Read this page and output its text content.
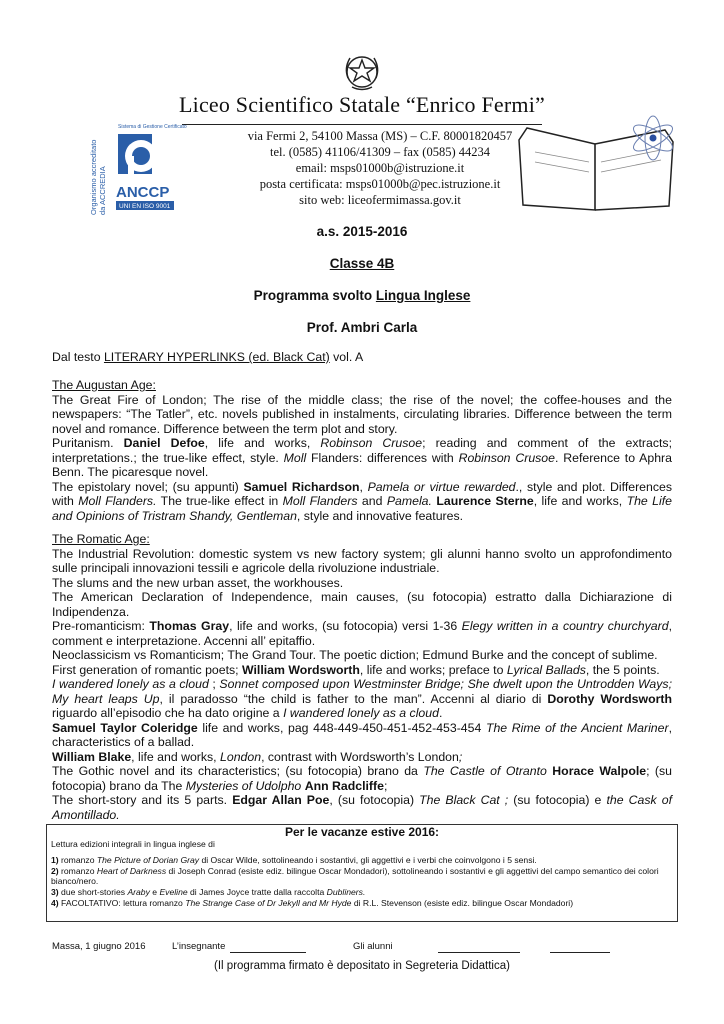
Liceo Scientifico Statale “Enrico Fermi”
Organismo accreditato da ACCREDIA
Sistema di Gestione Certificato
ANCCP
UNI EN ISO 9001
via Fermi 2, 54100 Massa (MS) – C.F. 80001820457
tel. (0585) 41106/41309 – fax (0585) 44234
email: msps01000b@istruzione.it
posta certificata: msps01000b@pec.istruzione.it
sito web: liceofermimassa.gov.it
a.s. 2015-2016
Classe 4B
Programma svolto Lingua Inglese
Prof. Ambri Carla
Dal testo LITERARY HYPERLINKS (ed. Black Cat) vol. A

The Augustan Age:

The Great Fire of London; The rise of the middle class; the rise of the novel; the coffee-houses and the newspapers: “The Tatler”, etc. novels published in instalments, circulating libraries. Difference between the term novel and romance. Difference between the term plot and story.

Puritanism. Daniel Defoe, life and works, Robinson Crusoe; reading and comment of the extracts; interpretations.; the true-like effect, style. Moll Flanders: differences with Robinson Crusoe. Reference to Aphra Benn. The picaresque novel.

The epistolary novel; (su appunti) Samuel Richardson, Pamela or virtue rewarded., style and plot. Differences with Moll Flanders. The true-like effect in Moll Flanders and Pamela. Laurence Sterne, life and works, The Life and Opinions of Tristram Shandy, Gentleman, style and innovative features.

The Romatic Age:

The Industrial Revolution: domestic system vs new factory system; gli alunni hanno svolto un approfondimento sulle principali innovazioni tessili e agricole della rivoluzione industriale.

The slums and the new urban asset, the workhouses.

The American Declaration of Independence, main causes, (su fotocopia) estratto dalla Dichiarazione di Indipendenza.

Pre-romanticism: Thomas Gray, life and works, (su fotocopia) versi 1-36 Elegy written in a country churchyard, comment e interpretazione. Accenni all’ epitaffio.

Neoclassicism vs Romanticism; The Grand Tour. The poetic diction; Edmund Burke and the concept of sublime.

First generation of romantic poets; William Wordsworth, life and works; preface to Lyrical Ballads, the 5 points.

I wandered lonely as a cloud ; Sonnet composed upon Westminster Bridge; She dwelt upon the Untrodden Ways; My heart leaps Up, il paradosso “the child is father to the man”. Accenni al diario di Dorothy Wordsworth riguardo all’episodio che ha dato origine a I wandered lonely as a cloud.

Samuel Taylor Coleridge life and works, pag 448-449-450-451-452-453-454 The Rime of the Ancient Mariner, characteristics of a ballad.

William Blake, life and works, London, contrast with Wordsworth’s London;

The Gothic novel and its characteristics; (su fotocopia) brano da The Castle of Otranto Horace Walpole; (su fotocopia) brano da The Mysteries of Udolpho Ann Radcliffe;

The short-story and its 5 parts. Edgar Allan Poe, (su fotocopia) The Black Cat ; (su fotocopia) e the Cask of Amontillado.

Per le vacanze estive 2016:

Lettura edizioni integrali in lingua inglese di

1) romanzo The Picture of Dorian Gray di Oscar Wilde, sottolineando i sostantivi, gli aggettivi e i verbi che coinvolgono i 5 sensi.

2) romanzo Heart of Darkness di Joseph Conrad (esiste ediz. bilingue Oscar Mondadori), sottolineando i sostantivi e gli aggettivi del campo semantico dei colori bianco/nero.

3) due short-stories Araby e Eveline di James Joyce tratte dalla raccolta Dubliners.

4) FACOLTATIVO: lettura romanzo The Strange Case of Dr Jekyll and Mr Hyde di R.L. Stevenson (esiste ediz. bilingue Oscar Mondadori)

Massa, 1 giugno 2016	L’insegnante	Gli alunni
(Il programma firmato è depositato in Segreteria Didattica)
